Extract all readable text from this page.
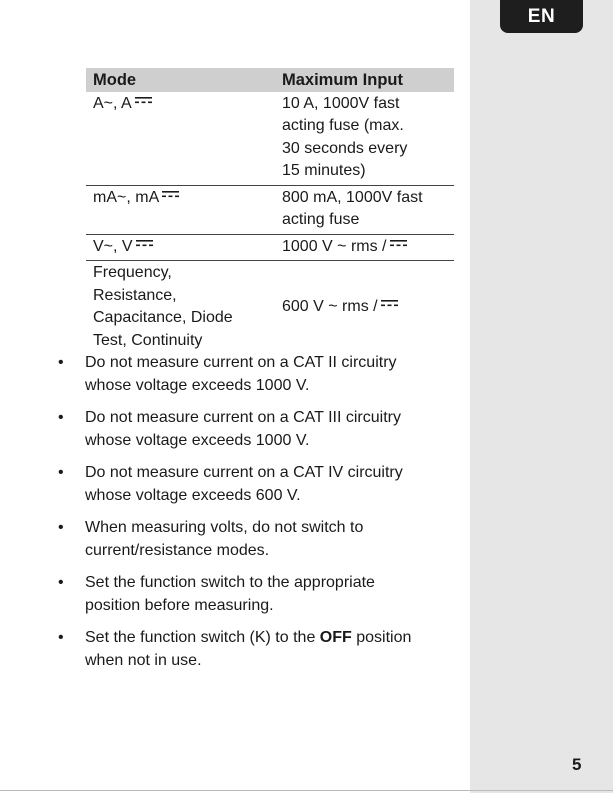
EN
5
Mode	Maximum Input
A~, A	10 A, 1000V fast
acting fuse (max.
30 seconds every
15 minutes)

mA~, mA	800 mA, 1000V fast
acting fuse

V~, V	1000 V ~ rms /

Frequency,
Resistance,
Capacitance, Diode
Test, Continuity	600 V ~ rms /
• Do not measure current on a CAT II circuitry
whose voltage exceeds 1000 V.
• Do not measure current on a CAT III circuitry
whose voltage exceeds 1000 V.
• Do not measure current on a CAT IV circuitry
whose voltage exceeds 600 V.
• When measuring volts, do not switch to
current/resistance modes.
• Set the function switch to the appropriate
position before measuring.
• Set the function switch (K) to the OFF position
when not in use.
